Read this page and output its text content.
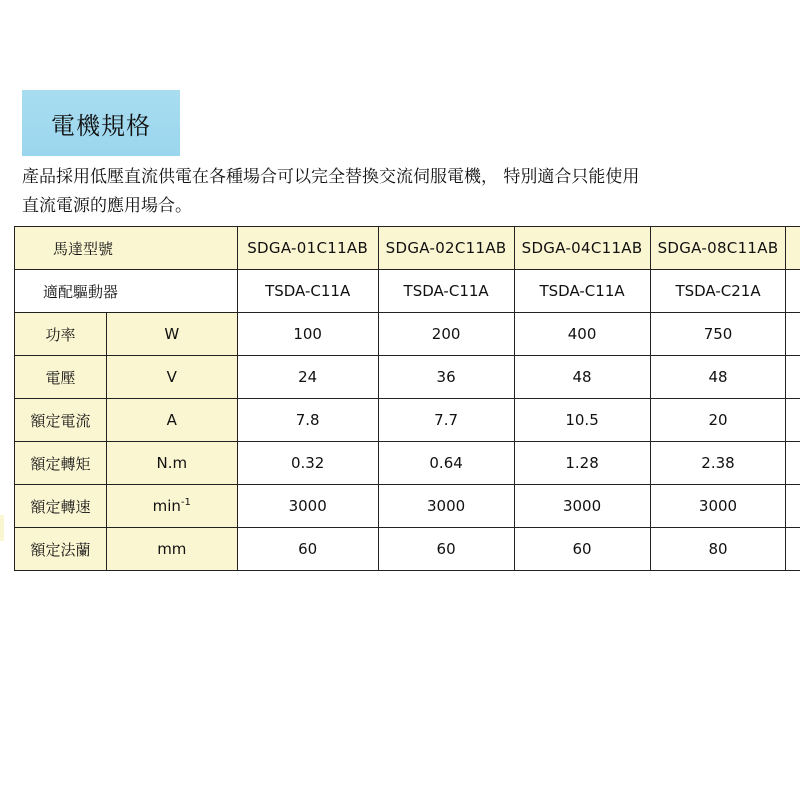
電機規格
產品採用低壓直流供電在各種場合可以完全替換交流伺服電機， 特別適合只能使用

直流電源的應用場合。
馬達型號		SDGA-01C11AB	SDGA-02C11AB	SDGA-04C11AB	SDGA-08C11AB	
適配驅動器		TSDA-C11A	TSDA-C11A	TSDA-C11A	TSDA-C21A	
功率	W	100	200	400	750	
電壓	V	24	36	48	48	
額定電流	A	7.8	7.7	10.5	20	
額定轉矩	N.m	0.32	0.64	1.28	2.38	
額定轉速	$\min^{-1}$	3000	3000	3000	3000	
額定法蘭	mm	60	60	60	80	
